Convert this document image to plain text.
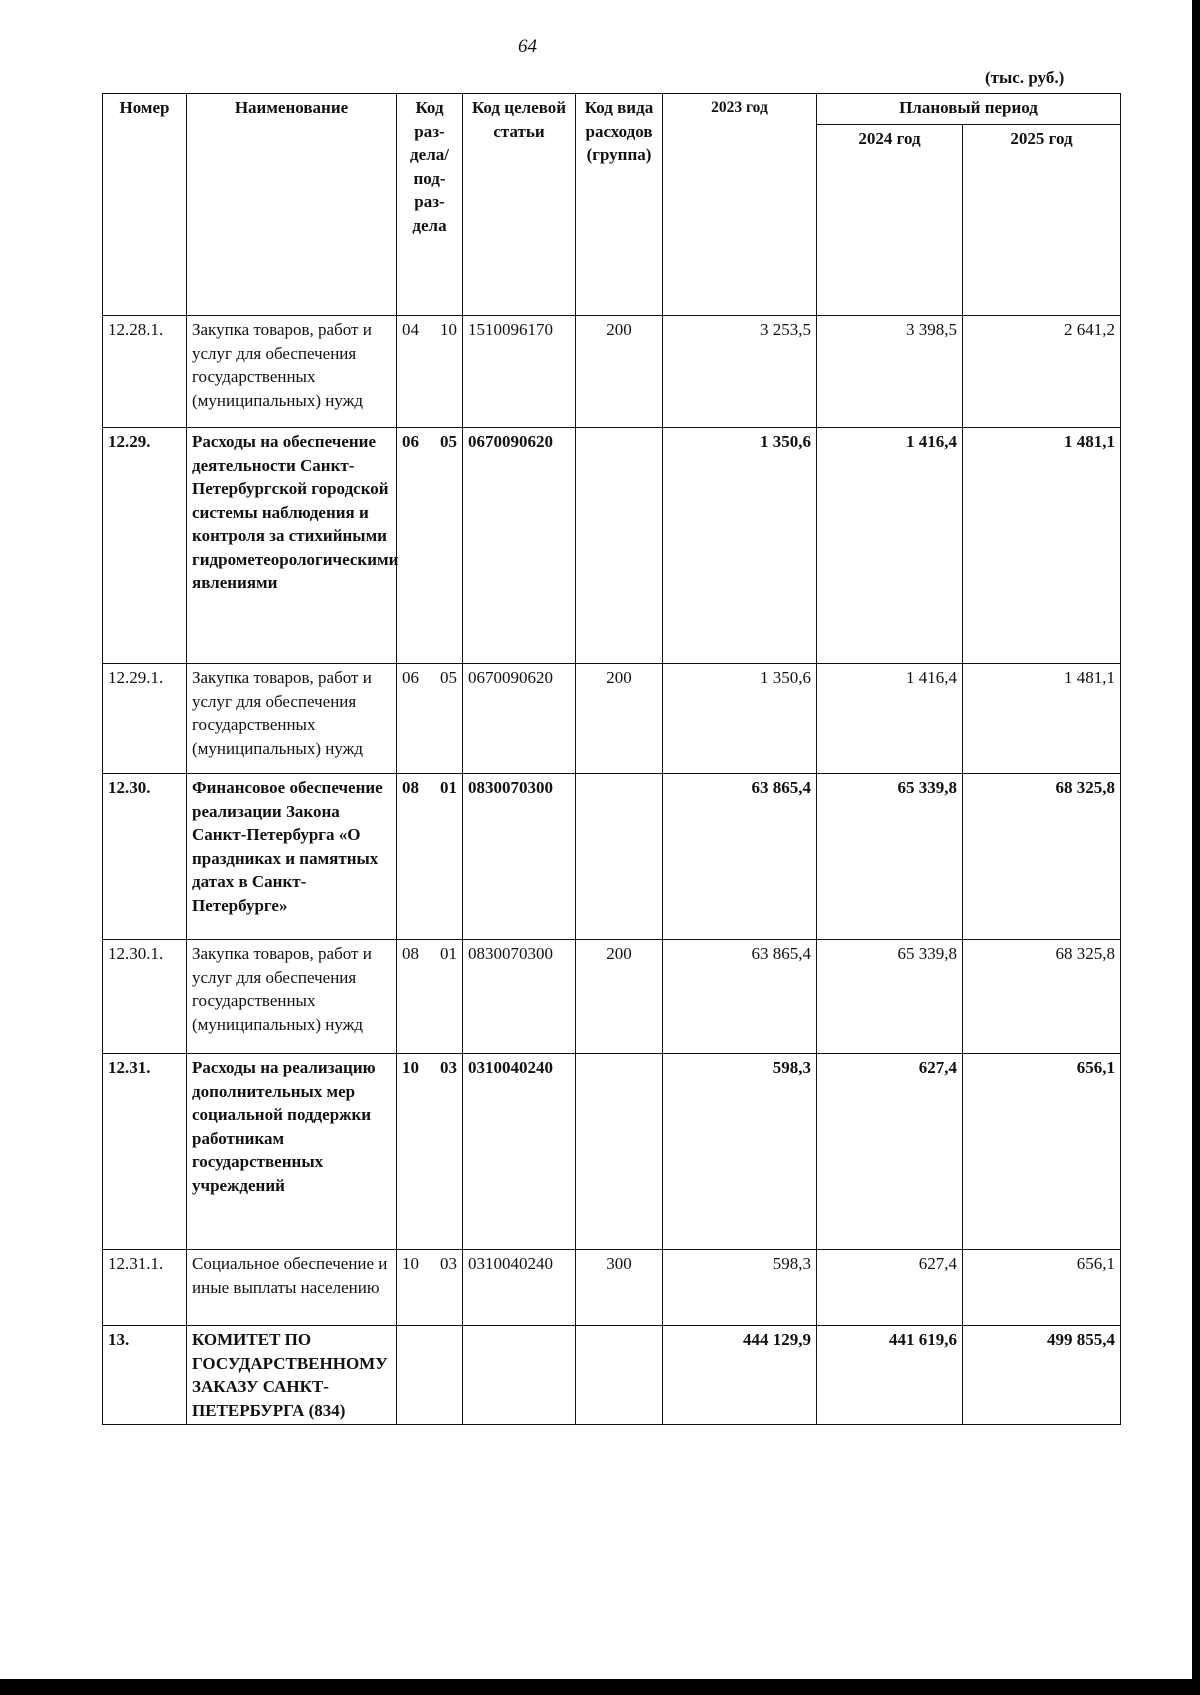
64
(тыс. руб.)
Номер	Наименование	Код раз-дела/ под-раз-дела	Код целевой статьи	Код вида расходов (группа)	2023 год	Плановый период	
						2024 год	2025 год
12.28.1.	Закупка товаров, работ и услуг для обеспечения государственных (муниципальных) нужд	04 10	1510096170	200	3 253,5	3 398,5	2 641,2
12.29.	Расходы на обеспечение деятельности Санкт-Петербургской городской системы наблюдения и контроля за стихийными гидрометеорологическими явлениями	06 05	0670090620		1 350,6	1 416,4	1 481,1
12.29.1.	Закупка товаров, работ и услуг для обеспечения государственных (муниципальных) нужд	06 05	0670090620	200	1 350,6	1 416,4	1 481,1
12.30.	Финансовое обеспечение реализации Закона Санкт-Петербурга «О праздниках и памятных датах в Санкт-Петербурге»	08 01	0830070300		63 865,4	65 339,8	68 325,8
12.30.1.	Закупка товаров, работ и услуг для обеспечения государственных (муниципальных) нужд	08 01	0830070300	200	63 865,4	65 339,8	68 325,8
12.31.	Расходы на реализацию дополнительных мер социальной поддержки работникам государственных учреждений	10 03	0310040240		598,3	627,4	656,1
12.31.1.	Социальное обеспечение и иные выплаты населению	10 03	0310040240	300	598,3	627,4	656,1
13.	КОМИТЕТ ПО ГОСУДАРСТВЕННОМУ ЗАКАЗУ САНКТ-ПЕТЕРБУРГА (834)				444 129,9	441 619,6	499 855,4
